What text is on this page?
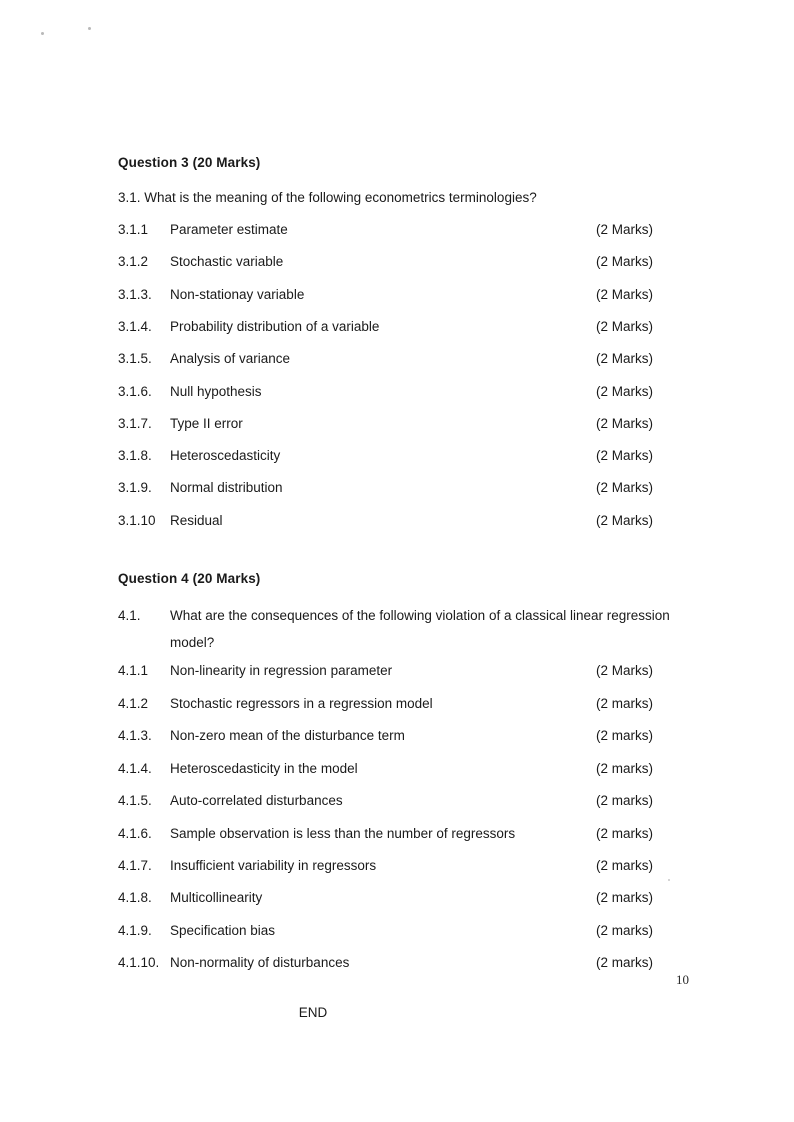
Question 3 (20 Marks)
3.1. What is the meaning of the following econometrics terminologies?
3.1.1	Parameter estimate	(2 Marks)
3.1.2	Stochastic variable	(2 Marks)
3.1.3.	Non-stationay variable	(2 Marks)
3.1.4.	Probability distribution of a variable	(2 Marks)
3.1.5.	Analysis of variance	(2 Marks)
3.1.6.	Null hypothesis	(2 Marks)
3.1.7.	Type II error	(2 Marks)
3.1.8.	Heteroscedasticity	(2 Marks)
3.1.9.	Normal distribution	(2 Marks)
3.1.10	Residual	(2 Marks)
Question 4 (20 Marks)
4.1.	What are the consequences of the following violation of a classical linear regression model?
4.1.1	Non-linearity in regression parameter	(2 Marks)
4.1.2	Stochastic regressors in a regression model	(2 marks)
4.1.3.	Non-zero mean of the disturbance term	(2 marks)
4.1.4.	Heteroscedasticity in the model	(2 marks)
4.1.5.	Auto-correlated disturbances	(2 marks)
4.1.6.	Sample observation is less than the number of regressors	(2 marks)
4.1.7.	Insufficient variability in regressors	(2 marks)
4.1.8.	Multicollinearity	(2 marks)
4.1.9.	Specification bias	(2 marks)
4.1.10. Non-normality of disturbances	(2 marks)
END
10
